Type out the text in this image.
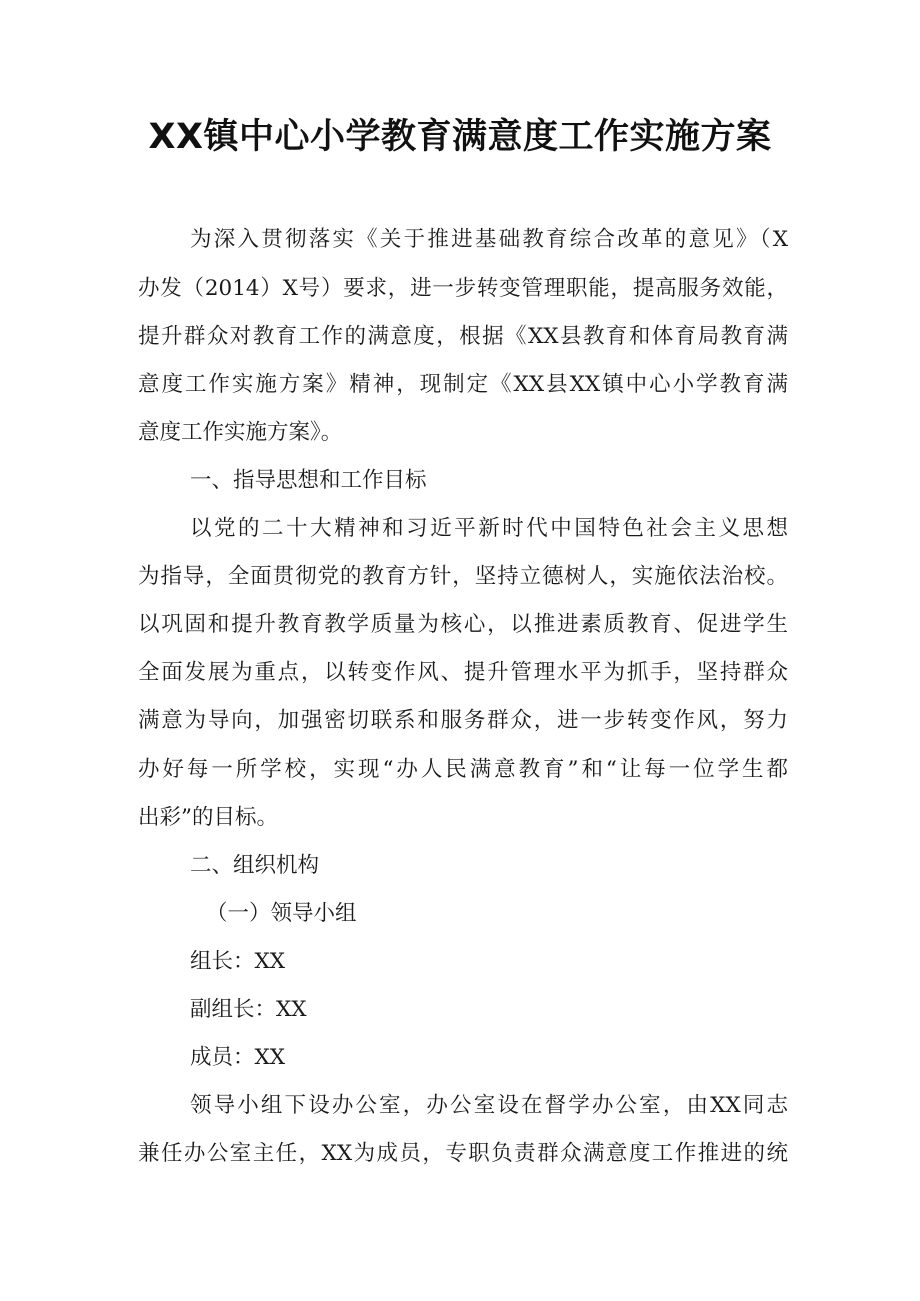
XX镇中心小学教育满意度工作实施方案
为深入贯彻落实《关于推进基础教育综合改革的意见》（X
办发（2014）X号）要求，进一步转变管理职能，提高服务效能，
提升群众对教育工作的满意度，根据《XX县教育和体育局教育满
意度工作实施方案》精神，现制定《XX县XX镇中心小学教育满
意度工作实施方案》。
一、指导思想和工作目标
以党的二十大精神和习近平新时代中国特色社会主义思想
为指导，全面贯彻党的教育方针，坚持立德树人，实施依法治校。
以巩固和提升教育教学质量为核心，以推进素质教育、促进学生
全面发展为重点，以转变作风、提升管理水平为抓手，坚持群众
满意为导向，加强密切联系和服务群众，进一步转变作风，努力
办好每一所学校，实现“办人民满意教育”和“让每一位学生都
出彩”的目标。
二、组织机构
（一）领导小组
组长：XX
副组长：XX
成员：XX
领导小组下设办公室，办公室设在督学办公室，由XX同志
兼任办公室主任，XX为成员，专职负责群众满意度工作推进的统
